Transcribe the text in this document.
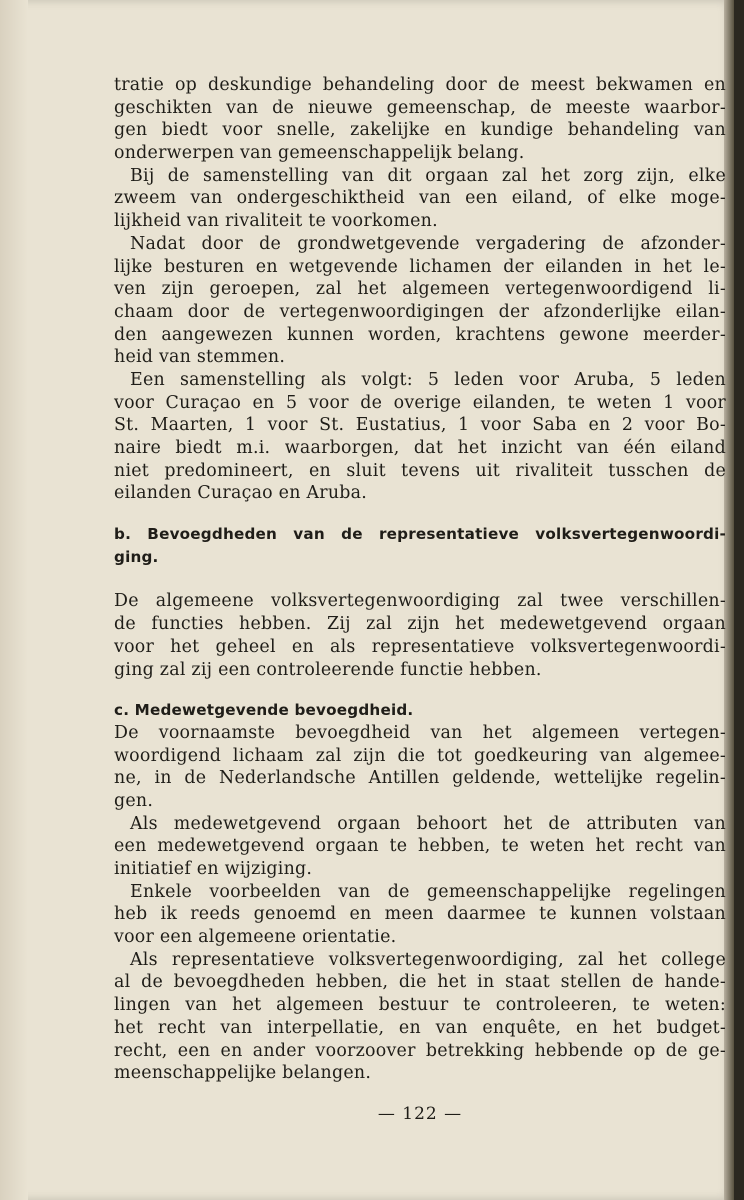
tratie op deskundige behandeling door de meest bekwamen en
geschikten van de nieuwe gemeenschap, de meeste waarbor-
gen biedt voor snelle, zakelijke en kundige behandeling van
onderwerpen van gemeenschappelijk belang.
Bij de samenstelling van dit orgaan zal het zorg zijn, elke
zweem van ondergeschiktheid van een eiland, of elke moge-
lijkheid van rivaliteit te voorkomen.
Nadat door de grondwetgevende vergadering de afzonder-
lijke besturen en wetgevende lichamen der eilanden in het le-
ven zijn geroepen, zal het algemeen vertegenwoordigend li-
chaam door de vertegenwoordigingen der afzonderlijke eilan-
den aangewezen kunnen worden, krachtens gewone meerder-
heid van stemmen.
Een samenstelling als volgt: 5 leden voor Aruba, 5 leden
voor Curaçao en 5 voor de overige eilanden, te weten 1 voor
St. Maarten, 1 voor St. Eustatius, 1 voor Saba en 2 voor Bo-
naire biedt m.i. waarborgen, dat het inzicht van één eiland
niet predomineert, en sluit tevens uit rivaliteit tusschen de
eilanden Curaçao en Aruba.
b. Bevoegdheden van de representatieve volksvertegenwoordi-
ging.
De algemeene volksvertegenwoordiging zal twee verschillen-
de functies hebben. Zij zal zijn het medewetgevend orgaan
voor het geheel en als representatieve volksvertegenwoordi-
ging zal zij een controleerende functie hebben.
c. Medewetgevende bevoegdheid.
De voornaamste bevoegdheid van het algemeen vertegen-
woordigend lichaam zal zijn die tot goedkeuring van algemee-
ne, in de Nederlandsche Antillen geldende, wettelijke regelin-
gen.
Als medewetgevend orgaan behoort het de attributen van
een medewetgevend orgaan te hebben, te weten het recht van
initiatief en wijziging.
Enkele voorbeelden van de gemeenschappelijke regelingen
heb ik reeds genoemd en meen daarmee te kunnen volstaan
voor een algemeene orientatie.
Als representatieve volksvertegenwoordiging, zal het college
al de bevoegdheden hebben, die het in staat stellen de hande-
lingen van het algemeen bestuur te controleeren, te weten:
het recht van interpellatie, en van enquête, en het budget-
recht, een en ander voorzoover betrekking hebbende op de ge-
meenschappelijke belangen.
— 122 —
